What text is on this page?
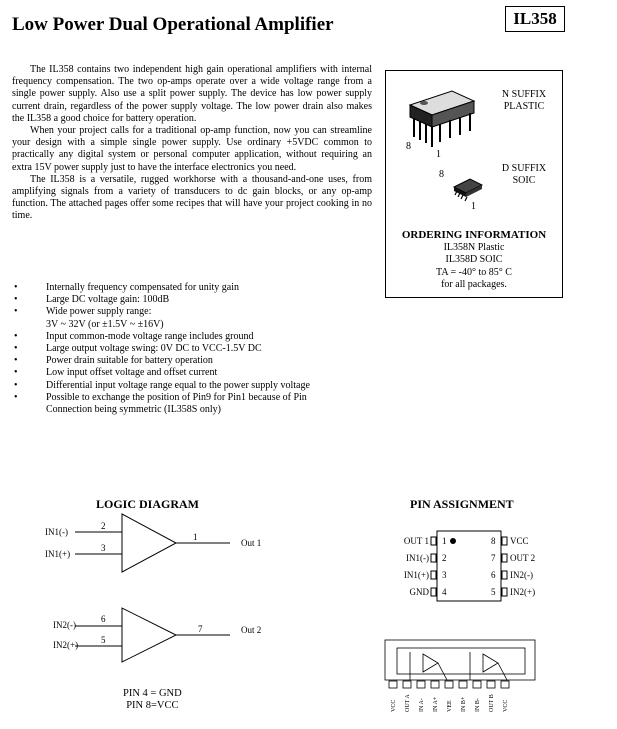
Low Power Dual Operational Amplifier	IL358

The IL358 contains two independent high gain operational amplifiers with internal frequency compensation. The two op-amps operate over a wide voltage range from a single power supply. Also use a split power supply. The device has low power supply current drain, regardless of the power supply voltage. The low power drain also makes the IL358 a good choice for battery operation.

When your project calls for a traditional op-amp function, now you can streamline your design with a simple single power supply. Use ordinary +5VDC common to practically any digital system or personal computer application, without requiring an extra 15V power supply just to have the interface electronics you need.

The IL358 is a versatile, rugged workhorse with a thousand-and-one uses, from amplifying signals from a variety of transducers to dc gain blocks, or any op-amp function. The attached pages offer some recipes that will have your project cooking in no time.

8
1
N SUFFIX
PLASTIC
8
1
D SUFFIX
SOIC
ORDERING INFORMATION
IL358N Plastic
IL358D SOIC
TA = -40° to 85° C
for all packages.
• Internally frequency compensated for unity gain
• Large DC voltage gain: 100dB
• Wide power supply range:
3V ~ 32V (or ±1.5V ~ ±16V)
• Input common-mode voltage range includes ground
• Large output voltage swing: 0V DC to VCC-1.5V DC
• Power drain suitable for battery operation
• Low input offset voltage and offset current
• Differential input voltage range equal to the power supply voltage
• Possible to exchange the position of Pin9 for Pin1 because of Pin
Connection being symmetric (IL358S only)
LOGIC DIAGRAM
IN1(-)
IN1(+)
2
3
1
Out 1
IN2(-)
IN2(+)
6
5
7	Out 2
PIN 4 = GND
PIN 8=VCC
PIN ASSIGNMENT
OUT 1 1
IN1(-) 2
IN1(+) 3
GND 4
VCC
8
OUT 2
7
IN2(-)
6
IN2(+)
5
VCC OUT A IN A- IN A+ VEE IN B+ IN B- OUT B VCC
